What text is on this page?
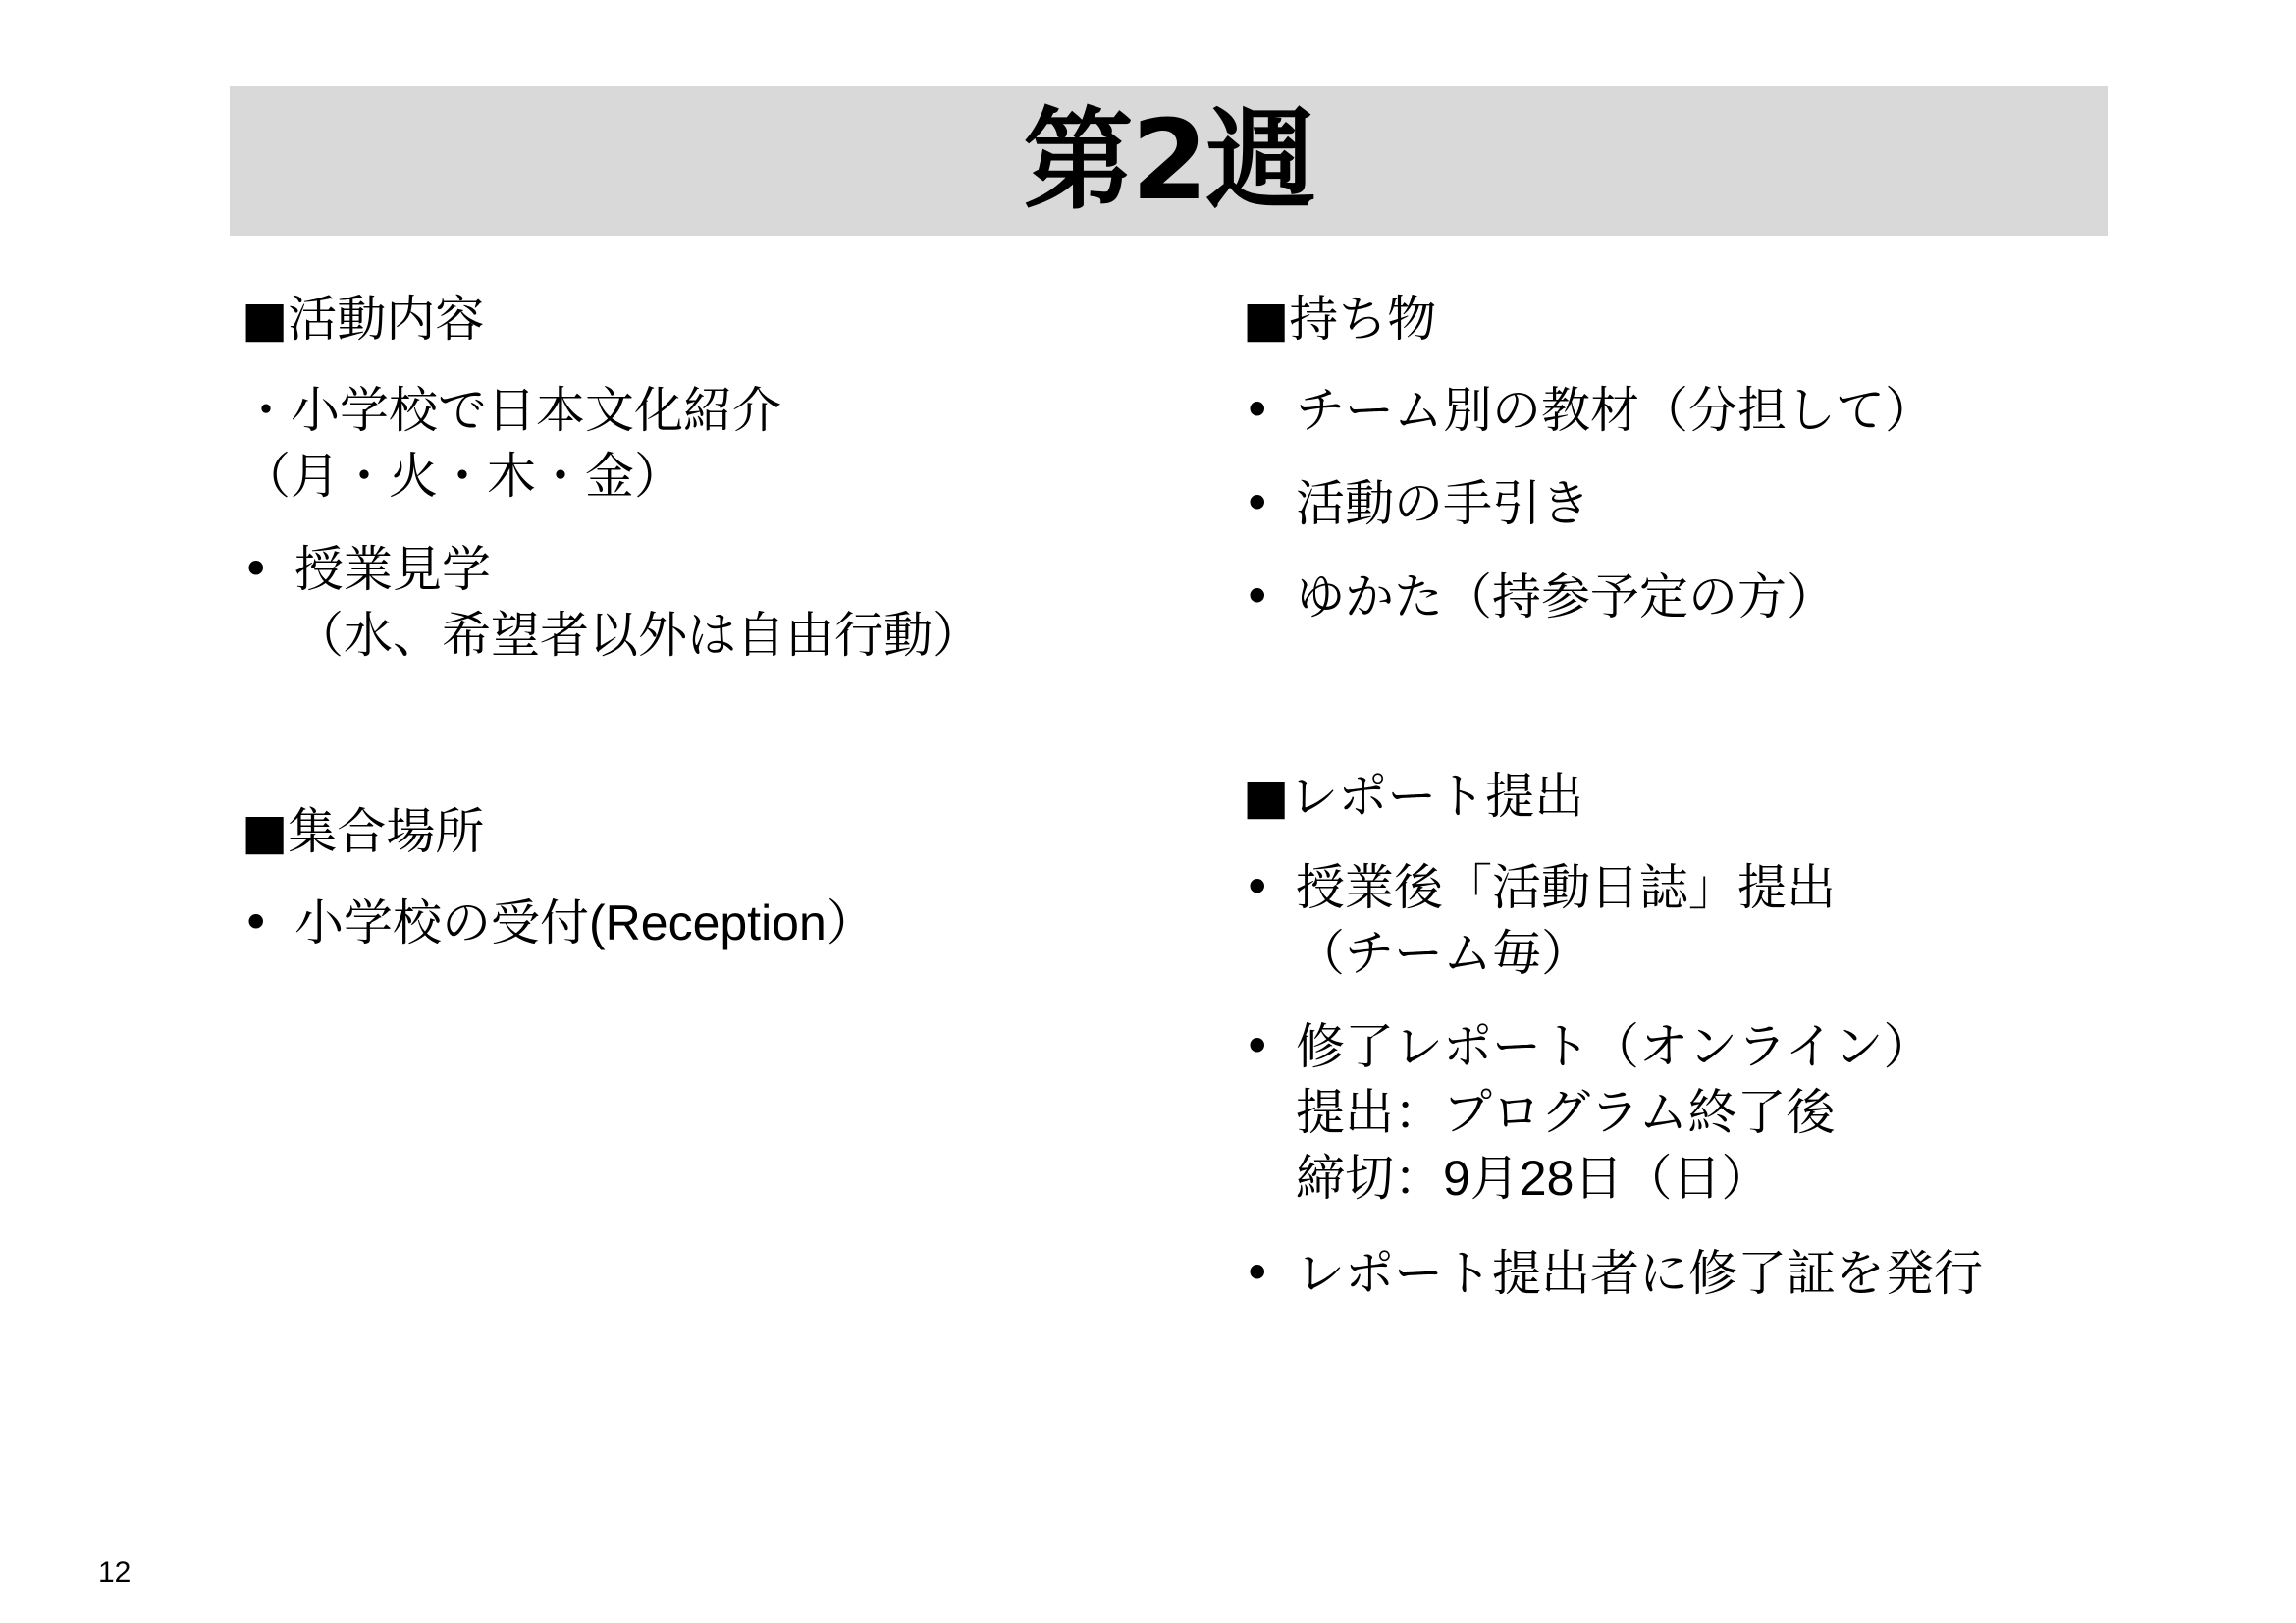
第2週

■活動内容

・小学校で日本文化紹介
（月・火・木・金）
• 授業見学
（水、希望者以外は自由行動）

■集合場所

• 小学校の受付(Reception）

■持ち物

• チーム別の教材（分担して）
• 活動の手引き
• ゆかた（持参予定の方）

■レポート提出

• 授業後「活動日誌」提出
（チーム毎）
• 修了レポート（オンライン）
提出：プログラム終了後
締切：9月28日（日）
• レポート提出者に修了証を発行
12
